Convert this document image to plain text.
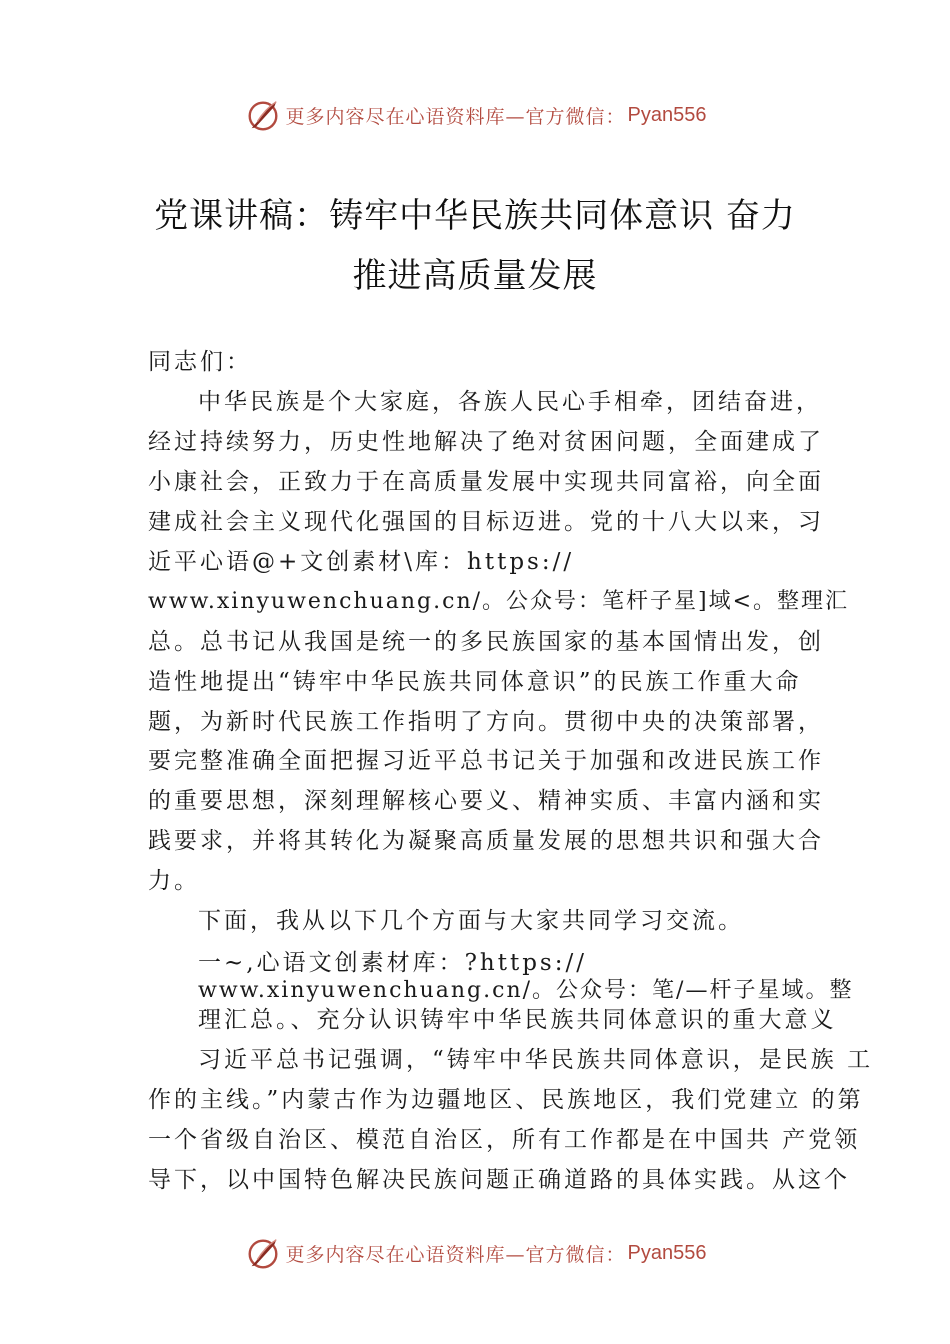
更多内容尽在心语资料库—官方微信： Pyan556
党课讲稿：铸牢中华民族共同体意识 奋力
推进高质量发展
同志们：
中华民族是个大家庭，各族人民心手相牵，团结奋进，
经过持续努力，历史性地解决了绝对贫困问题，全面建成了
小康社会，正致力于在高质量发展中实现共同富裕，向全面
建成社会主义现代化强国的目标迈进。党的十八大以来，习
近平心语@+文创素材\库：https://
www.xinyuwenchuang.cn/。公众号：笔杆子星]域<。整理汇
总。总书记从我国是统一的多民族国家的基本国情出发，创
造性地提出“铸牢中华民族共同体意识”的民族工作重大命
题，为新时代民族工作指明了方向。贯彻中央的决策部署，
要完整准确全面把握习近平总书记关于加强和改进民族工作
的重要思想，深刻理解核心要义、精神实质、丰富内涵和实
践要求，并将其转化为凝聚高质量发展的思想共识和强大合
力。
下面，我从以下几个方面与大家共同学习交流。
一~,心语文创素材库：?https://
www.xinyuwenchuang.cn/。公众号：笔/—杆子星域。整
理汇总。、充分认识铸牢中华民族共同体意识的重大意义
习近平总书记强调，“铸牢中华民族共同体意识，是民族 工
作的主线。”内蒙古作为边疆地区、民族地区，我们党建立 的第
一个省级自治区、模范自治区，所有工作都是在中国共 产党领
导下，以中国特色解决民族问题正确道路的具体实践。从这个
更多内容尽在心语资料库—官方微信： Pyan556
